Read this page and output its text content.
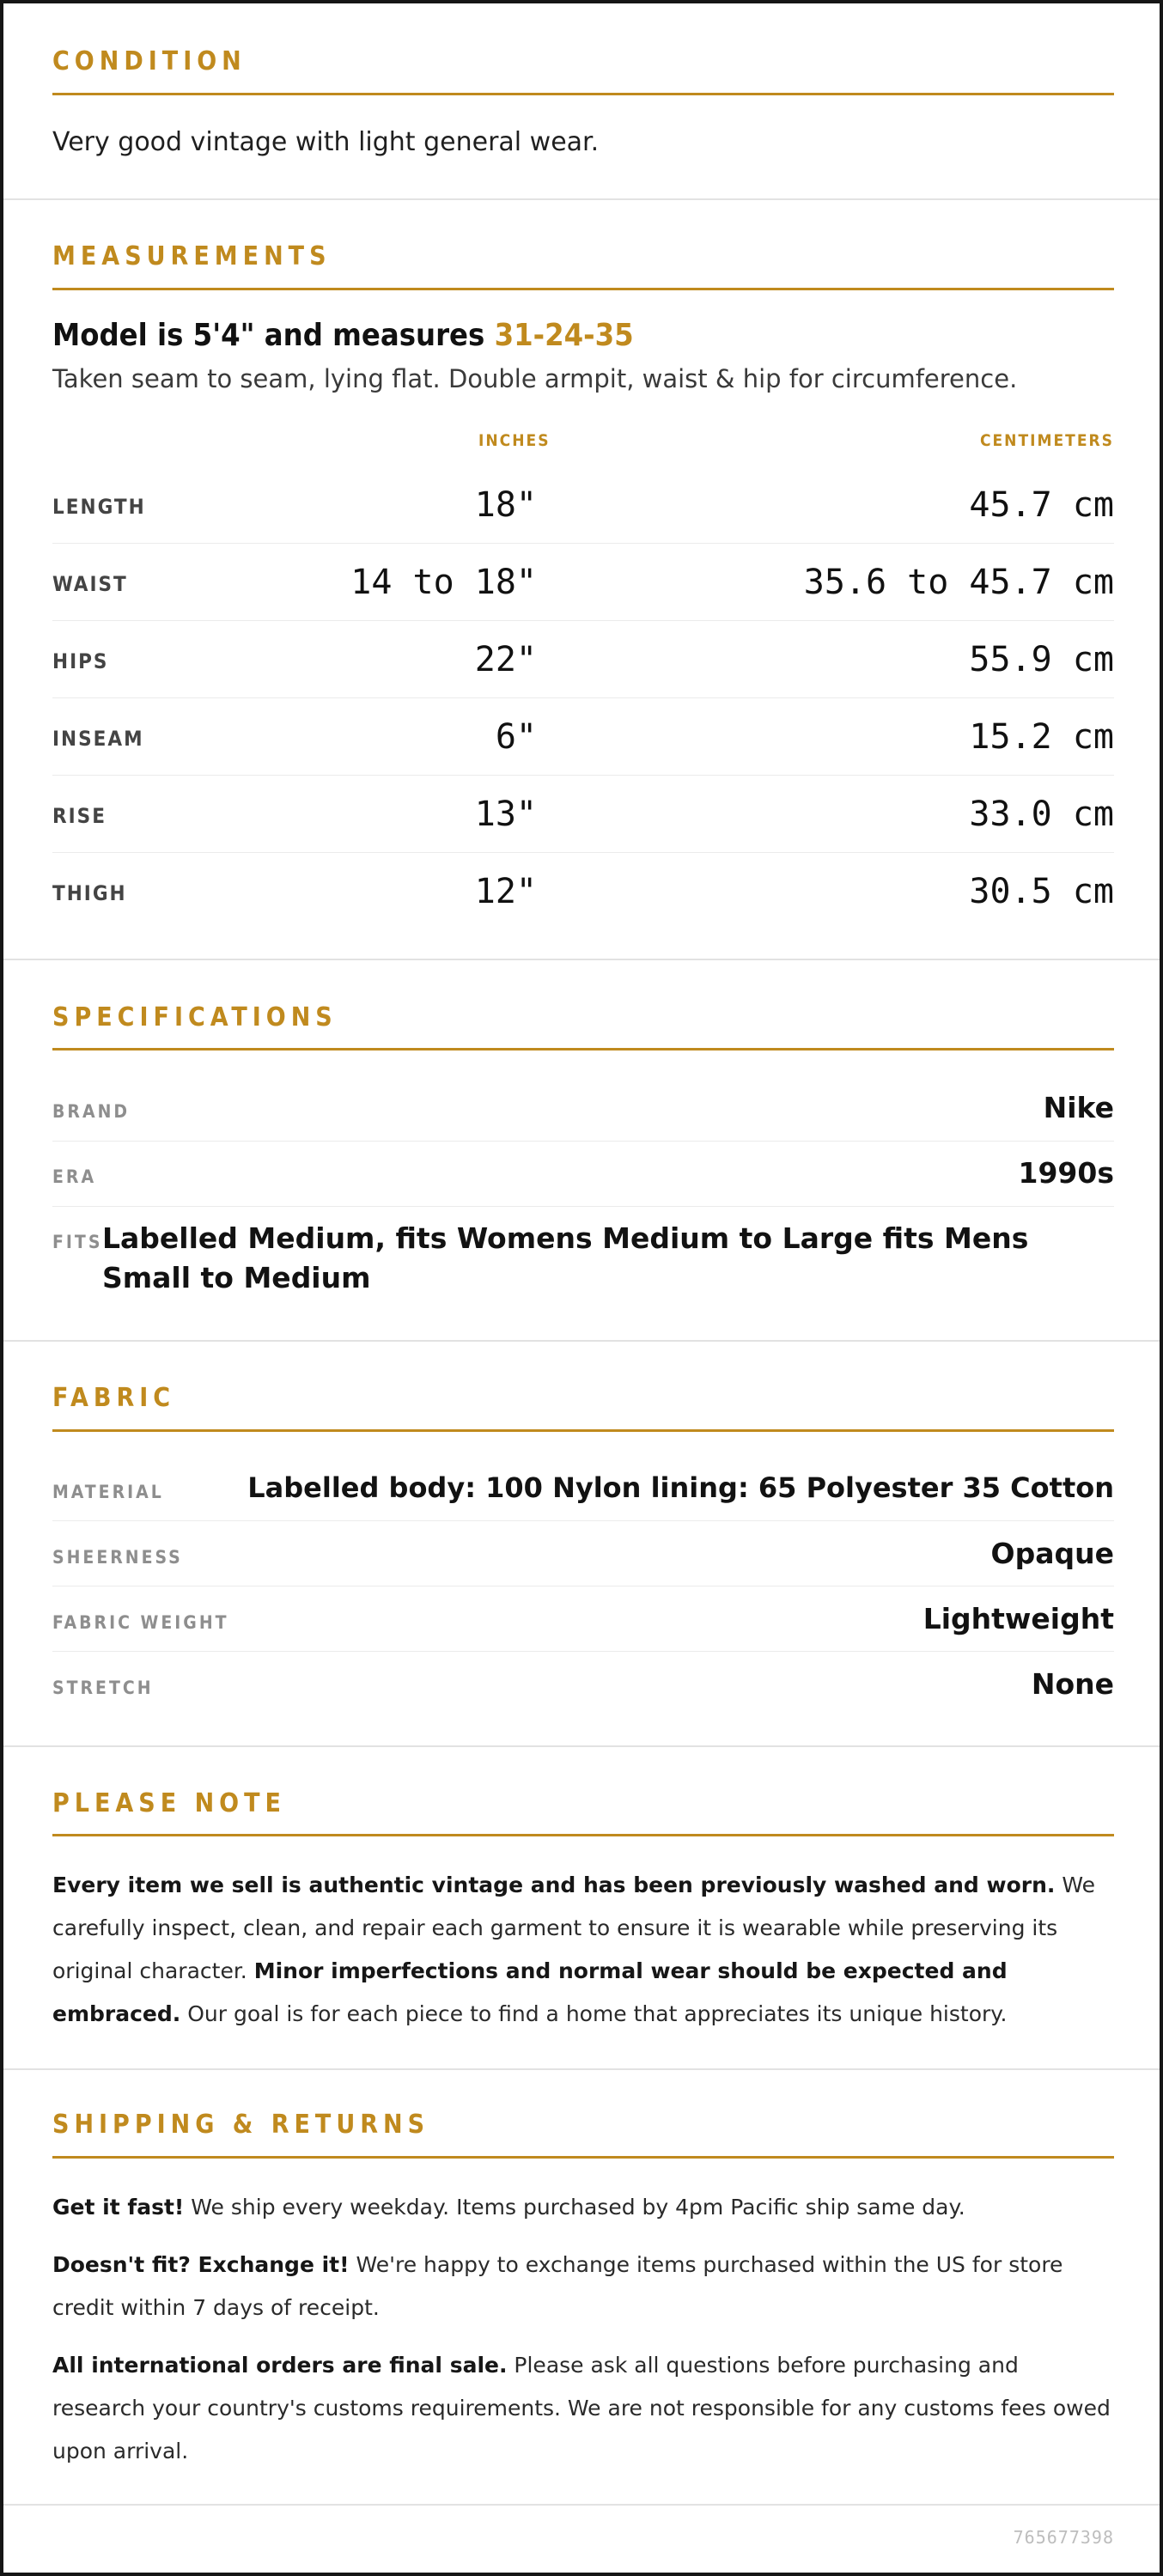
CONDITION
Very good vintage with light general wear.
MEASUREMENTS
Model is 5'4" and measures 31-24-35
Taken seam to seam, lying flat. Double armpit, waist & hip for circumference.
INCHES	CENTIMETERS
LENGTH	18"	45.7 cm
WAIST	14 to 18"	35.6 to 45.7 cm
HIPS	22"	55.9 cm
INSEAM	6"	15.2 cm
RISE	13"	33.0 cm
THIGH	12"	30.5 cm
SPECIFICATIONS
BRAND	Nike
ERA	1990s
FITS Labelled Medium, fits Womens Medium to Large fits Mens Small to Medium
FABRIC
MATERIAL	Labelled body: 100 Nylon lining: 65 Polyester 35 Cotton
SHEERNESS	Opaque
FABRIC WEIGHT	Lightweight
STRETCH	None
PLEASE NOTE
Every item we sell is authentic vintage and has been previously washed and worn. We carefully inspect, clean, and repair each garment to ensure it is wearable while preserving its original character. Minor imperfections and normal wear should be expected and embraced. Our goal is for each piece to find a home that appreciates its unique history.
SHIPPING & RETURNS
Get it fast! We ship every weekday. Items purchased by 4pm Pacific ship same day.
Doesn't fit? Exchange it! We're happy to exchange items purchased within the US for store credit within 7 days of receipt.
All international orders are final sale. Please ask all questions before purchasing and research your country's customs requirements. We are not responsible for any customs fees owed upon arrival.
765677398
